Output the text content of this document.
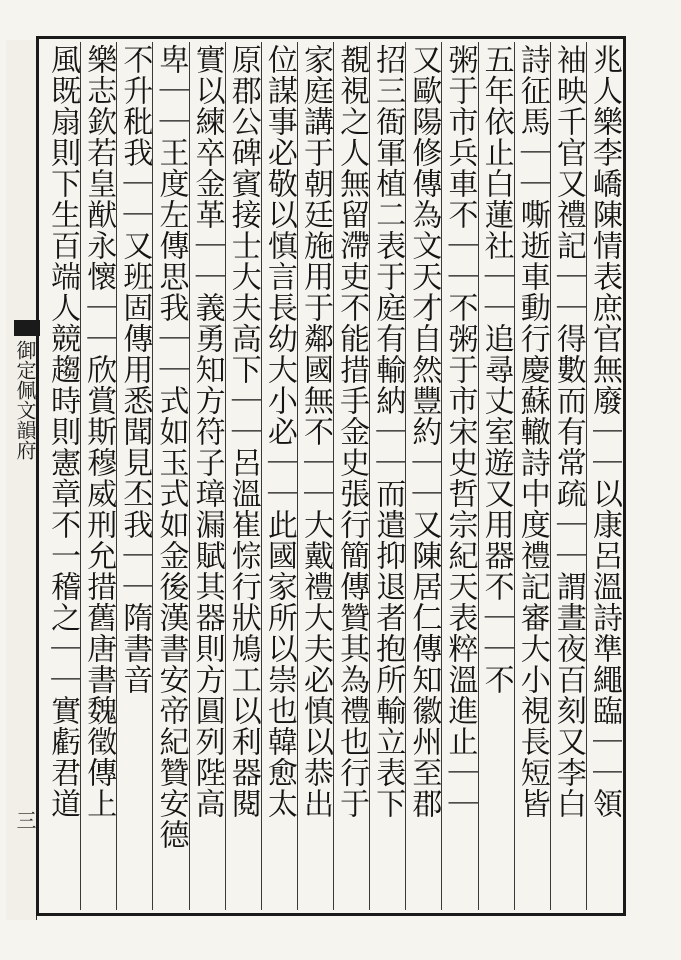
御定佩文韻府
三
兆人樂李嶠陳情表庶官無廢｜｜以康呂溫詩準繩臨｜｜領
袖映千官又禮記｜｜得數而有常疏｜｜謂晝夜百刻又李白
詩征馬｜｜嘶逝車動行慶蘇轍詩中度禮記審大小視長短皆
五年依止白蓮社｜｜追尋丈室遊又用器不｜｜不
粥于市兵車不｜｜不粥于市宋史哲宗紀天表粹溫進止｜｜
又歐陽修傳為文天才自然豐約｜｜又陳居仁傳知徽州至郡
招三衙軍植二表于庭有輸納｜｜而遣抑退者抱所輸立表下
覩視之人無留滯吏不能措手金史張行簡傳贊其為禮也行于
家庭講于朝廷施用于鄰國無不｜｜大戴禮大夫必慎以恭出
位謀事必敬以慎言長幼大小必｜｜此國家所以崇也韓愈太
原郡公碑賓接士大夫高下｜｜呂溫崔悰行狀鳩工以利器閱
實以練卒金革｜｜義勇知方符子璋漏賦其器則方圓列陛高
卑｜｜王度左傳思我｜｜式如玉式如金後漢書安帝紀贊安德
不升秕我｜｜又班固傳用悉聞見丕我｜｜隋書音
樂志欽若皇猷永懷｜｜欣賞斯穆威刑允措舊唐書魏徵傳上
風既扇則下生百端人競趨時則憲章不一稽之｜｜實虧君道
